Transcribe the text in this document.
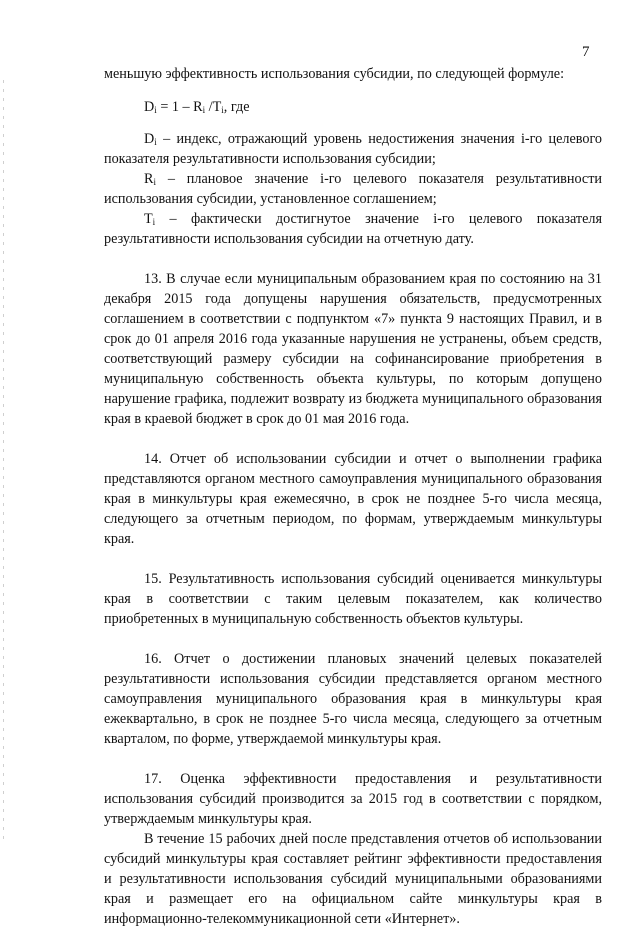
7

меньшую эффективность использования субсидии, по следующей формуле:

$D_i = 1 - R_i$ $/T_i$, где

$D_i$ – индекс, отражающий уровень недостижения значения i-го целевого показателя результативности использования субсидии;

$R_i$ – плановое значение i-го целевого показателя результативности использования субсидии, установленное соглашением;

$T_i$ – фактически достигнутое значение i-го целевого показателя результативности использования субсидии на отчетную дату.

13. В случае если муниципальным образованием края по состоянию на 31 декабря 2015 года допущены нарушения обязательств, предусмотренных соглашением в соответствии с подпунктом «7» пункта 9 настоящих Правил, и в срок до 01 апреля 2016 года указанные нарушения не устранены, объем средств, соответствующий размеру субсидии на софинансирование приобретения в муниципальную собственность объекта культуры, по которым допущено нарушение графика, подлежит возврату из бюджета муниципального образования края в краевой бюджет в срок до 01 мая 2016 года.

14. Отчет об использовании субсидии и отчет о выполнении графика представляются органом местного самоуправления муниципального образования края в минкультуры края ежемесячно, в срок не позднее 5-го числа месяца, следующего за отчетным периодом, по формам, утверждаемым минкультуры края.

15. Результативность использования субсидий оценивается минкультуры края в соответствии с таким целевым показателем, как количество приобретенных в муниципальную собственность объектов культуры.

16. Отчет о достижении плановых значений целевых показателей результативности использования субсидии представляется органом местного самоуправления муниципального образования края в минкультуры края ежеквартально, в срок не позднее 5-го числа месяца, следующего за отчетным кварталом, по форме, утверждаемой минкультуры края.

17. Оценка эффективности предоставления и результативности использования субсидий производится за 2015 год в соответствии с порядком, утверждаемым минкультуры края.

В течение 15 рабочих дней после представления отчетов об использовании субсидий минкультуры края составляет рейтинг эффективности предоставления и результативности использования субсидий муниципальными образованиями края и размещает его на официальном сайте минкультуры края в информационно-телекоммуникационной сети «Интернет».
